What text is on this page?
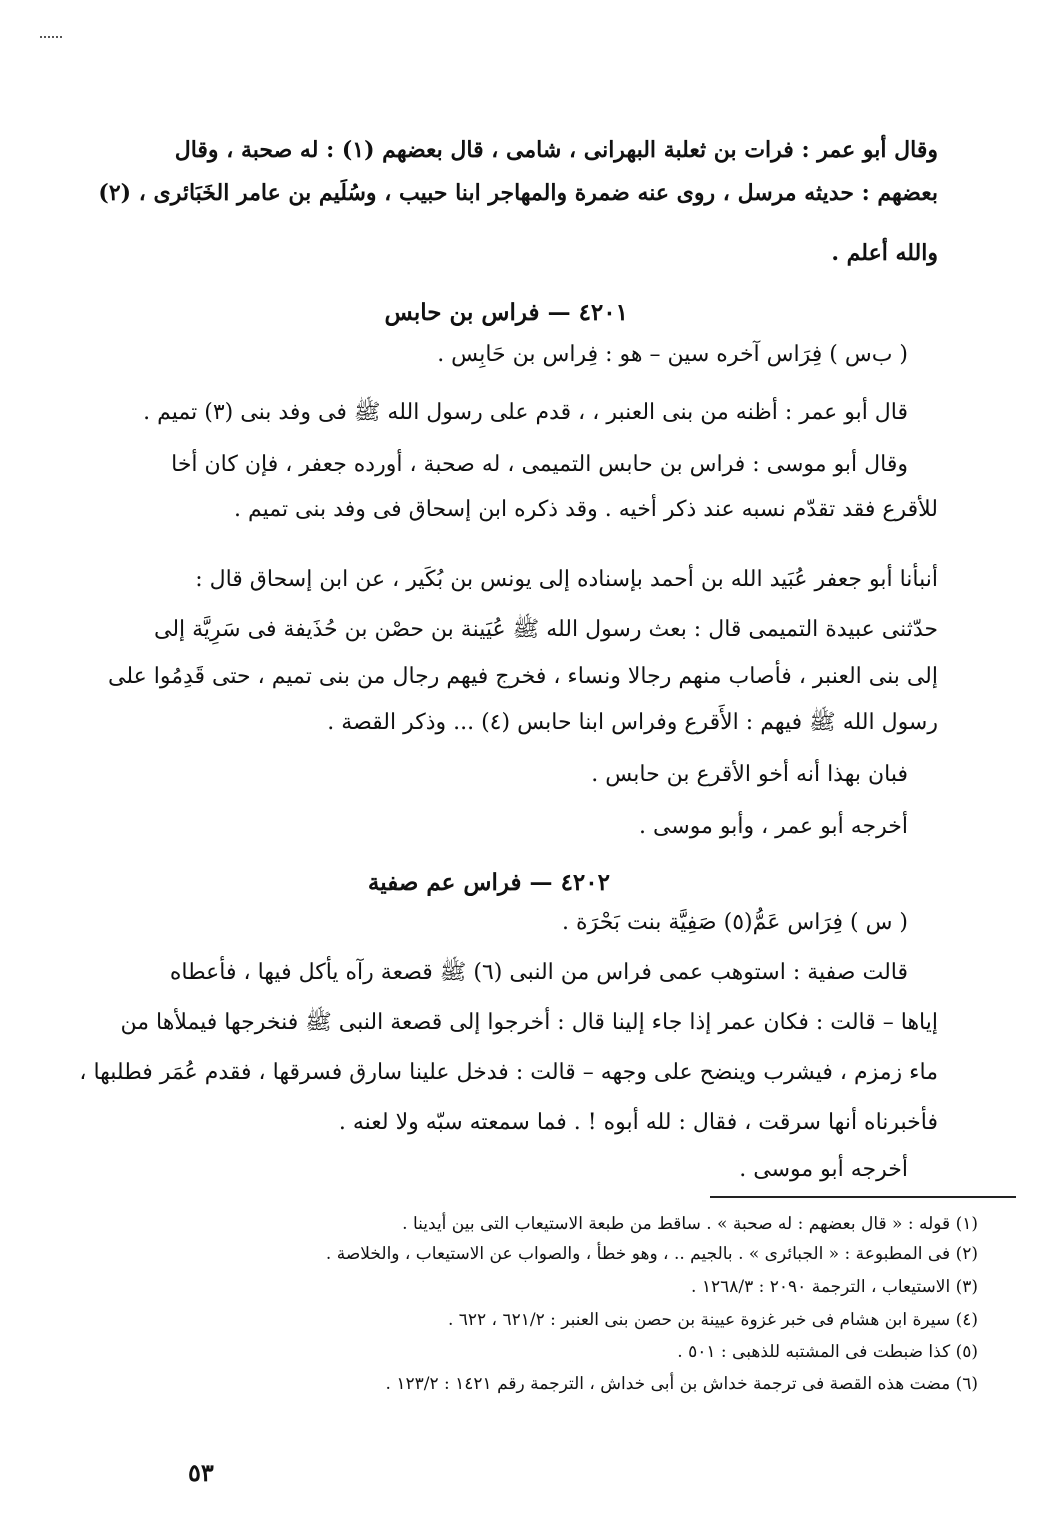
وقال أبو عمر : فرات بن ثعلبة البهرانى ، شامى ، قال بعضهم (١) : له صحبة ، وقال
بعضهم : حديثه مرسل ، روى عنه ضمرة والمهاجر ابنا حبيب ، وسُلَيم بن عامر الخَبَائرى ، (٢)
والله أعلم .
٤٢٠١ — فراس بن حابس
( ب‌س ) فِرَاس آخره سين – هو : فِراس بن حَابِس .
قال أبو عمر : أظنه من بنى العنبر ، ، قدم على رسول الله ﷺ فى وفد بنى (٣) تميم .
وقال أبو موسى : فراس بن حابس التميمى ، له صحبة ، أورده جعفر ، فإن كان أخا
للأقرع فقد تقدّم نسبه عند ذكر أخيه . وقد ذكره ابن إسحاق فى وفد بنى تميم .
أنبأنا أبو جعفر عُبَيد الله بن أحمد بإسناده إلى يونس بن بُكَير ، عن ابن إسحاق قال :
حدّثنى عبيدة التميمى قال : بعث رسول الله ﷺ عُيَينة بن حصْن بن حُذَيفة فى سَرِيَّة إلى
إلى بنى العنبر ، فأصاب منهم رجالا ونساء ، فخرج فيهم رجال من بنى تميم ، حتى قَدِمُوا على
رسول الله ﷺ فيهم : الأَقرع وفراس ابنا حابس (٤) ... وذكر القصة .
فبان بهذا أنه أخو الأقرع بن حابس .
أخرجه أبو عمر ، وأبو موسى .
٤٢٠٢ — فراس عم صفية
( س ) فِرَاس عَمُّ(٥) صَفِيَّة بنت بَحْرَة .
قالت صفية : استوهب عمى فراس من النبى (٦) ﷺ قصعة رآه يأكل فيها ، فأعطاه
إياها – قالت : فكان عمر إذا جاء إلينا قال : أخرجوا إلى قصعة النبى ﷺ فنخرجها فيملأها من
ماء زمزم ، فيشرب وينضح على وجهه – قالت : فدخل علينا سارق فسرقها ، فقدم عُمَر فطلبها ،
فأخبرناه أنها سرقت ، فقال : لله أبوه ! . فما سمعته سبّه ولا لعنه .
أخرجه أبو موسى .
(١) قوله : « قال بعضهم : له صحبة » . ساقط من طبعة الاستيعاب التى بين أيدينا .
(٢) فى المطبوعة : « الجبائرى » . بالجيم .. ، وهو خطأ ، والصواب عن الاستيعاب ، والخلاصة .
(٣) الاستيعاب ، الترجمة ٢٠٩٠ : ١٢٦٨/٣ .
(٤) سيرة ابن هشام فى خبر غزوة عيينة بن حصن بنى العنبر : ٦٢١/٢ ، ٦٢٢ .
(٥) كذا ضبطت فى المشتبه للذهبى : ٥٠١ .
(٦) مضت هذه القصة فى ترجمة خداش بن أبى خداش ، الترجمة رقم ١٤٢١ : ١٢٣/٢ .
٥٣
